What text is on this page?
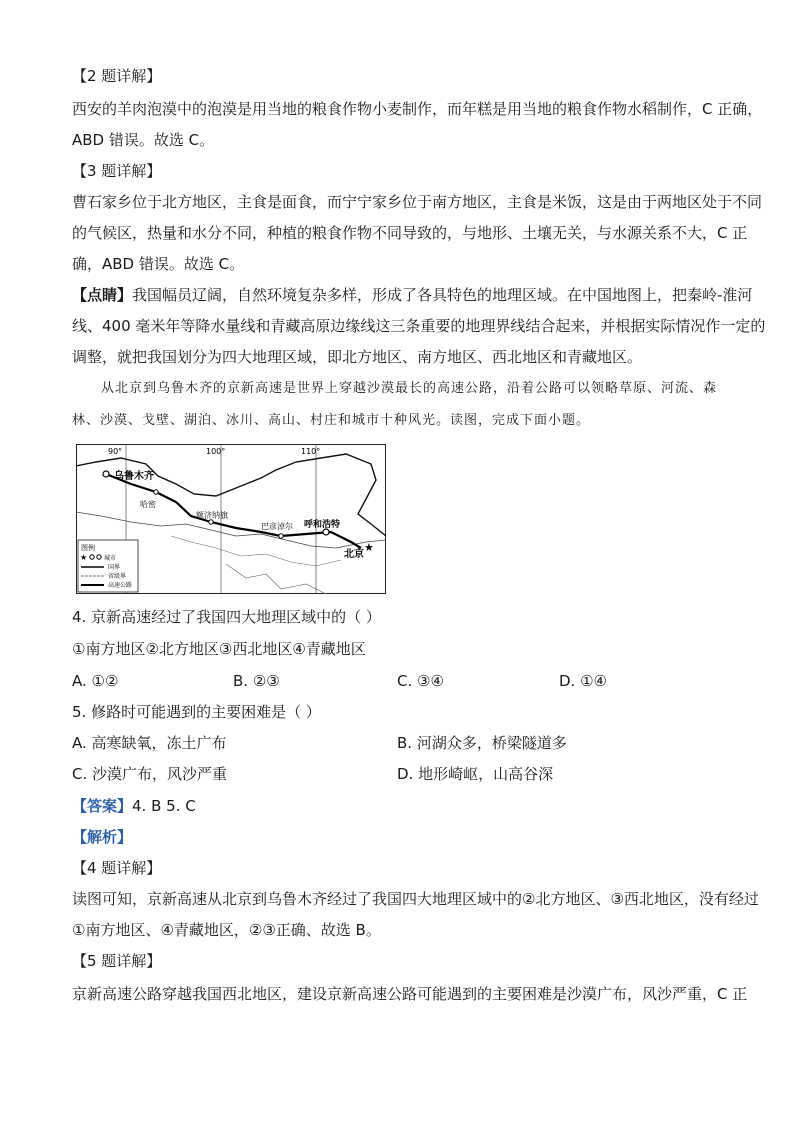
【2 题详解】
西安的羊肉泡漠中的泡漠是用当地的粮食作物小麦制作，而年糕是用当地的粮食作物水稻制作，C 正确，
ABD 错误。故选 C。
【3 题详解】
曹石家乡位于北方地区，主食是面食，而宁宁家乡位于南方地区，主食是米饭，这是由于两地区处于不同
的气候区，热量和水分不同，种植的粮食作物不同导致的，与地形、土壤无关，与水源关系不大，C 正
确，ABD 错误。故选 C。
【点睛】我国幅员辽阔，自然环境复杂多样，形成了各具特色的地理区域。在中国地图上，把秦岭-淮河
线、400 毫米年等降水量线和青藏高原边缘线这三条重要的地理界线结合起来，并根据实际情况作一定的
调整，就把我国划分为四大地理区域，即北方地区、南方地区、西北地区和青藏地区。
从北京到乌鲁木齐的京新高速是世界上穿越沙漠最长的高速公路，沿着公路可以领略草原、河流、森
林、沙漠、戈壁、湖泊、冰川、高山、村庄和城市十种风光。读图，完成下面小题。
90°	100°	110°
★
乌鲁木齐
哈密
额济纳旗
巴彦淖尔 呼和浩特
北京
图例
★	城市
国界
省级界
高速公路
4. 京新高速经过了我国四大地理区域中的（ ）
①南方地区②北方地区③西北地区④青藏地区
A. ①②	B. ②③	C. ③④	D. ①④
5. 修路时可能遇到的主要困难是（ ）
A. 高寒缺氧，冻土广布	B. 河湖众多，桥梁隧道多
C. 沙漠广布，风沙严重	D. 地形崎岖，山高谷深
【答案】4. B 5. C
【解析】
【4 题详解】
读图可知，京新高速从北京到乌鲁木齐经过了我国四大地理区域中的②北方地区、③西北地区，没有经过
①南方地区、④青藏地区，②③正确、故选 B。
【5 题详解】
京新高速公路穿越我国西北地区，建设京新高速公路可能遇到的主要困难是沙漠广布，风沙严重，C 正
